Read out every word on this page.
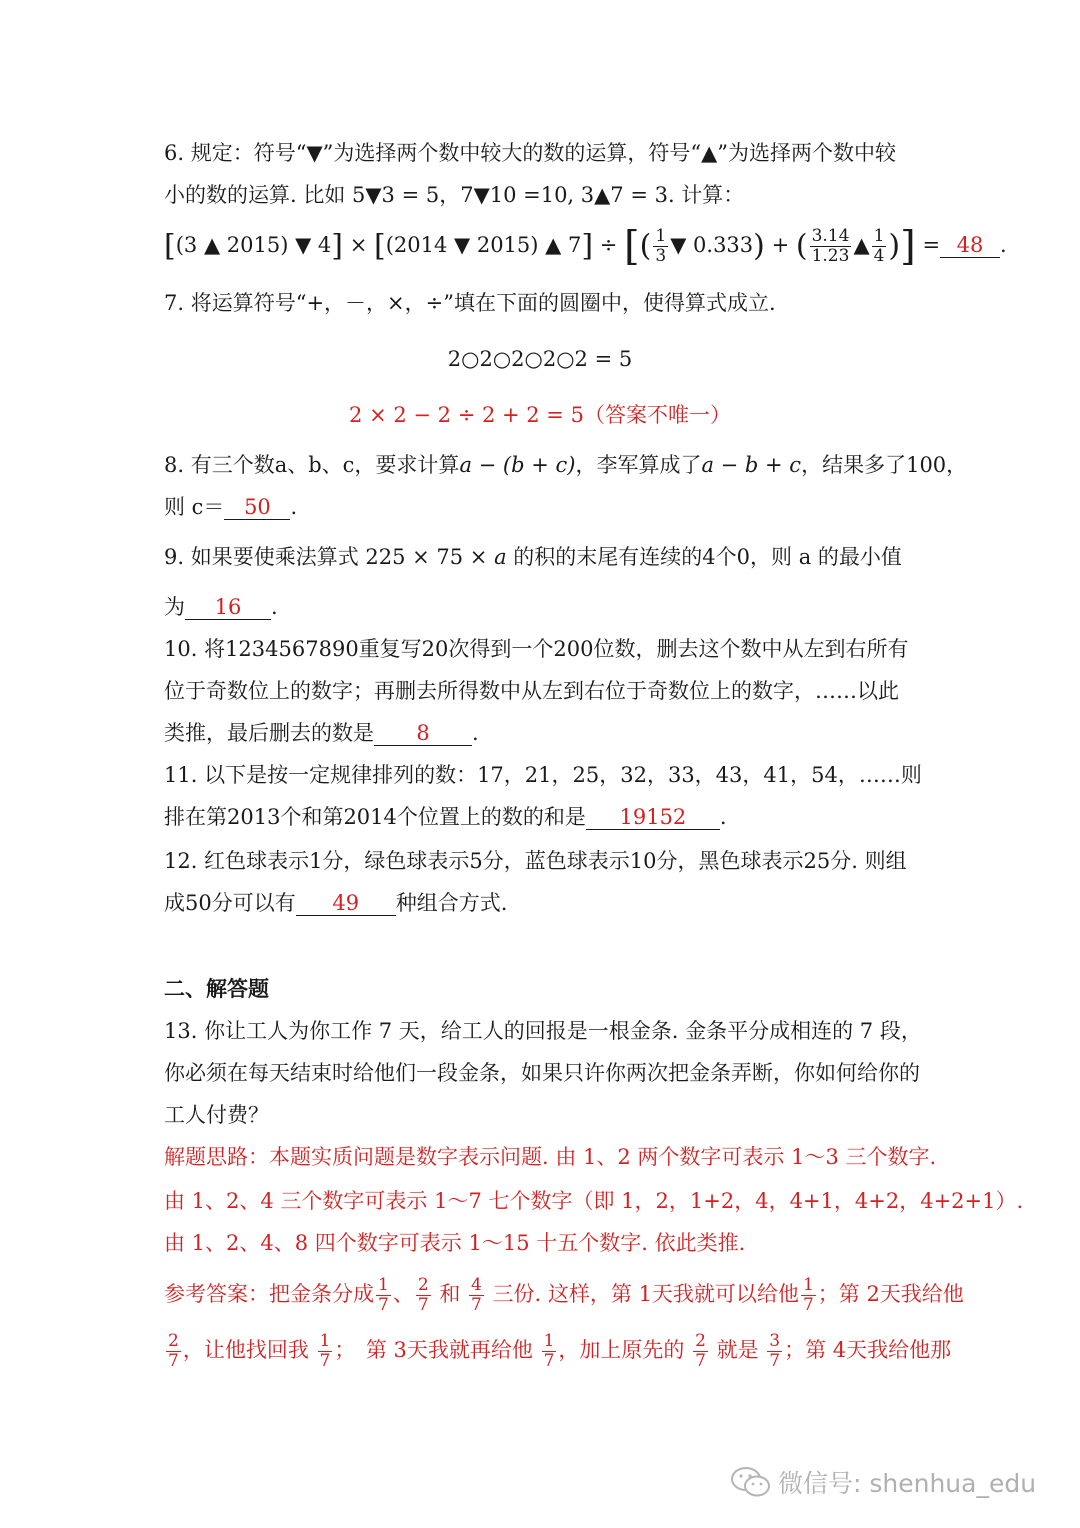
6. 规定：符号“▼”为选择两个数中较大的数的运算，符号“▲”为选择两个数中较
小的数的运算. 比如 5▼3 = 5，7▼10 =10, 3▲7 = 3. 计算：
[(3 ▲ 2015) ▼ 4] × [(2014 ▼ 2015) ▲ 7] ÷ [( $\frac{1}{3}$ ▼ 0.333) + ( $\frac{3.14}{1.23}$ ▲ $\frac{1}{4}$ )] = 48 .
7. 将运算符号“+，－，×，÷”填在下面的圆圈中，使得算式成立.
2○2○2○2○2 = 5
2 × 2 − 2 ÷ 2 + 2 = 5（答案不唯一）
8. 有三个数a、b、c，要求计算a − (b + c)，李军算成了a − b + c，结果多了100，
则 c＝ 50 .
9. 如果要使乘法算式 225 × 75 × a 的积的末尾有连续的4个0，则 a 的最小值
为 16 .
10. 将1234567890重复写20次得到一个200位数，删去这个数中从左到右所有
位于奇数位上的数字；再删去所得数中从左到右位于奇数位上的数字，……以此
类推，最后删去的数是 8 .
11. 以下是按一定规律排列的数：17，21，25，32，33，43，41，54，……则
排在第2013个和第2014个位置上的数的和是 19152 .
12. 红色球表示1分，绿色球表示5分，蓝色球表示10分，黑色球表示25分. 则组
成50分可以有 49 种组合方式.
二、解答题
13. 你让工人为你工作 7 天，给工人的回报是一根金条. 金条平分成相连的 7 段，
你必须在每天结束时给他们一段金条，如果只许你两次把金条弄断，你如何给你的
工人付费？
解题思路：本题实质问题是数字表示问题. 由 1、2 两个数字可表示 1～3 三个数字.
由 1、2、4 三个数字可表示 1～7 七个数字（即 1，2，1+2，4，4+1，4+2，4+2+1）.
由 1、2、4、8 四个数字可表示 1～15 十五个数字. 依此类推.
参考答案：把金条分成 $\frac{1}{7}$ 、 $\frac{2}{7}$ 和 $\frac{4}{7}$ 三份. 这样，第 1天我就可以给他 $\frac{1}{7}$ ；第 2天我给他
$\frac{2}{7}$ ，让他找回我 $\frac{1}{7}$ ；　第 3天我就再给他 $\frac{1}{7}$ ，加上原先的 $\frac{2}{7}$ 就是 $\frac{3}{7}$ ；第 4天我给他那
微信号: shenhua_edu
